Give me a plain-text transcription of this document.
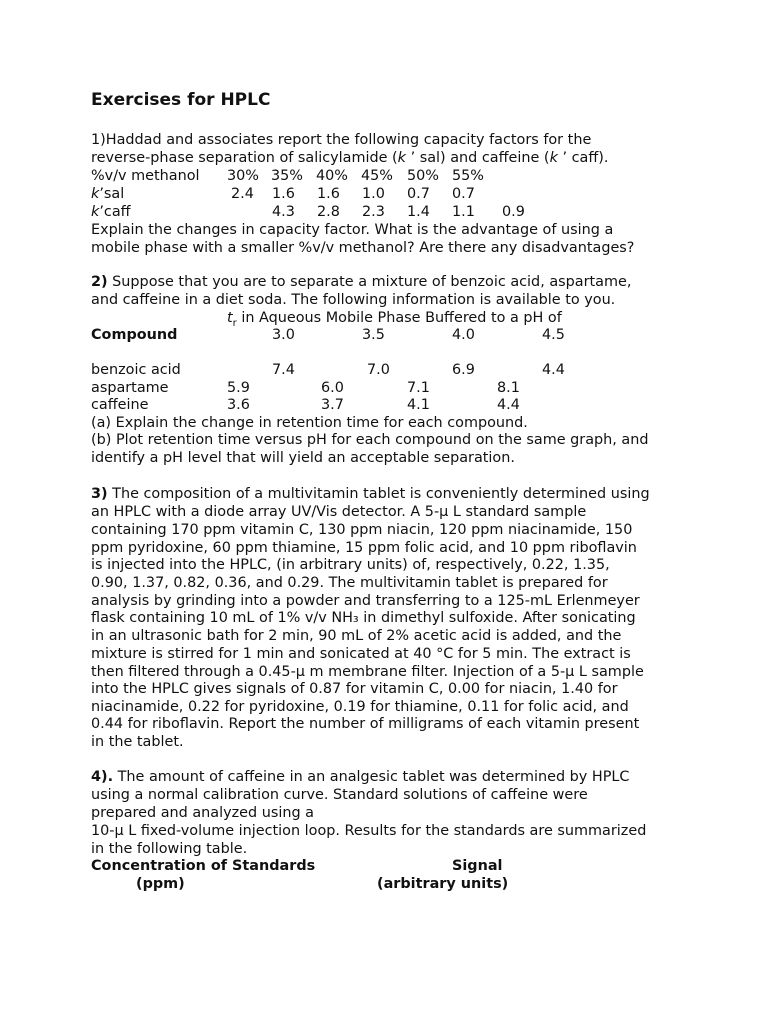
Exercises for HPLC
1)Haddad and associates report the following capacity factors for the
reverse-phase separation of salicylamide (k ’ sal) and caffeine (k ’ caff).
%v/v methanol 30% 35% 40% 45% 50% 55%
k’sal	2.4 1.6 1.6 1.0 0.7 0.7
k’caff	4.3 2.8 2.3 1.4 1.1 0.9
Explain the changes in capacity factor. What is the advantage of using a
mobile phase with a smaller %v/v methanol? Are there any disadvantages?
2) Suppose that you are to separate a mixture of benzoic acid, aspartame,
and caffeine in a diet soda. The following information is available to you.
$t_r$ in Aqueous Mobile Phase Buffered to a pH of
Compound	3.0	3.5	4.0	4.5
benzoic acid	7.4	7.0	6.9	4.4
aspartame	5.9	6.0	7.1	8.1
caffeine	3.6	3.7	4.1	4.4
(a) Explain the change in retention time for each compound.
(b) Plot retention time versus pH for each compound on the same graph, and
identify a pH level that will yield an acceptable separation.
3) The composition of a multivitamin tablet is conveniently determined using
an HPLC with a diode array UV/Vis detector. A 5-μ L standard sample
containing 170 ppm vitamin C, 130 ppm niacin, 120 ppm niacinamide, 150
ppm pyridoxine, 60 ppm thiamine, 15 ppm folic acid, and 10 ppm riboflavin
is injected into the HPLC, (in arbitrary units) of, respectively, 0.22, 1.35,
0.90, 1.37, 0.82, 0.36, and 0.29. The multivitamin tablet is prepared for
analysis by grinding into a powder and transferring to a 125-mL Erlenmeyer
flask containing 10 mL of 1% v/v NH₃ in dimethyl sulfoxide. After sonicating
in an ultrasonic bath for 2 min, 90 mL of 2% acetic acid is added, and the
mixture is stirred for 1 min and sonicated at 40 °C for 5 min. The extract is
then filtered through a 0.45-μ m membrane filter. Injection of a 5-μ L sample
into the HPLC gives signals of 0.87 for vitamin C, 0.00 for niacin, 1.40 for
niacinamide, 0.22 for pyridoxine, 0.19 for thiamine, 0.11 for folic acid, and
0.44 for riboflavin. Report the number of milligrams of each vitamin present
in the tablet.
4). The amount of caffeine in an analgesic tablet was determined by HPLC
using a normal calibration curve. Standard solutions of caffeine were
prepared and analyzed using a
10-μ L fixed-volume injection loop. Results for the standards are summarized
in the following table.
Concentration of Standards	Signal
(ppm)	(arbitrary units)
